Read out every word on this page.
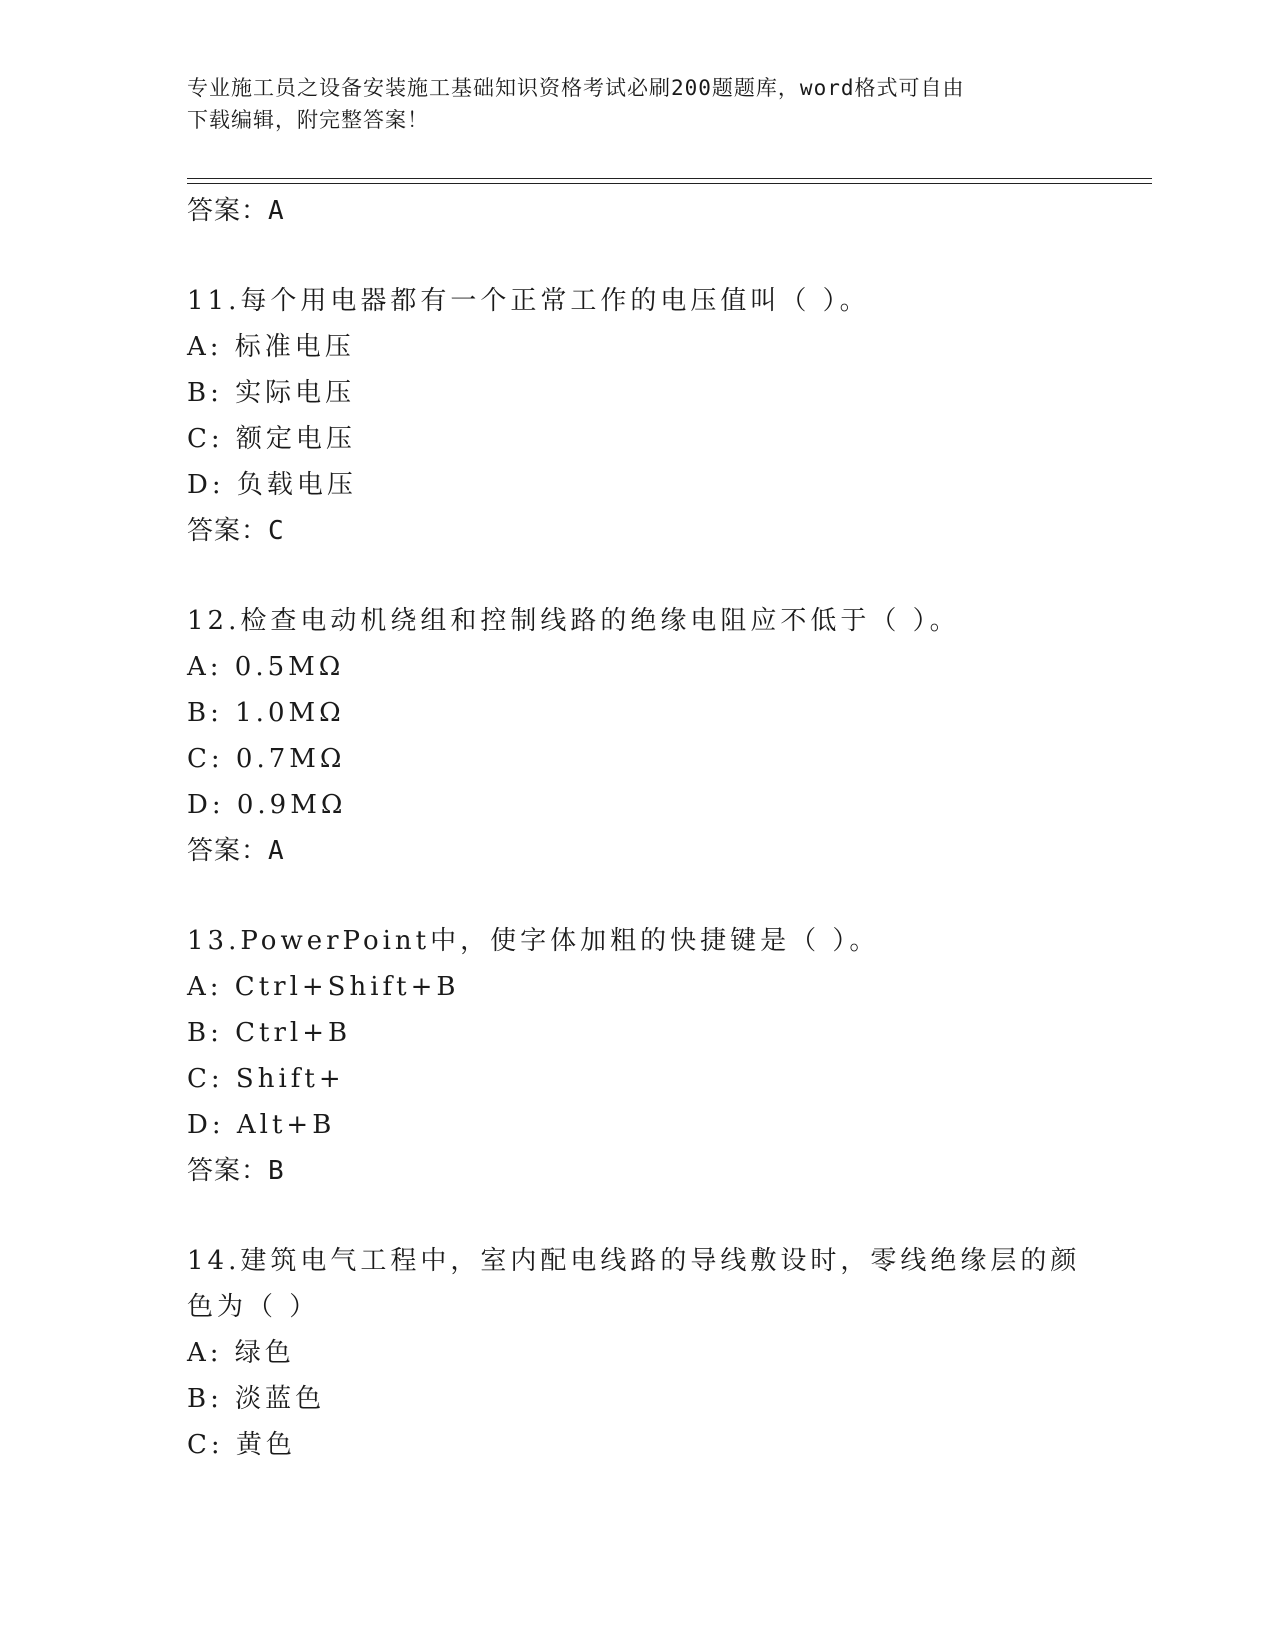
专业施工员之设备安装施工基础知识资格考试必刷200题题库，word格式可自由
下载编辑，附完整答案！
答案：A
11.每个用电器都有一个正常工作的电压值叫（ ）。
A: 标准电压
B: 实际电压
C: 额定电压
D: 负载电压
答案：C
12.检查电动机绕组和控制线路的绝缘电阻应不低于（ ）。
A: 0.5MΩ
B: 1.0MΩ
C: 0.7MΩ
D: 0.9MΩ
答案：A
13.PowerPoint中，使字体加粗的快捷键是（ ）。
A: Ctrl+Shift+B
B: Ctrl+B
C: Shift+
D: Alt+B
答案：B
14.建筑电气工程中，室内配电线路的导线敷设时，零线绝缘层的颜色为（ ）
A: 绿色
B: 淡蓝色
C: 黄色
